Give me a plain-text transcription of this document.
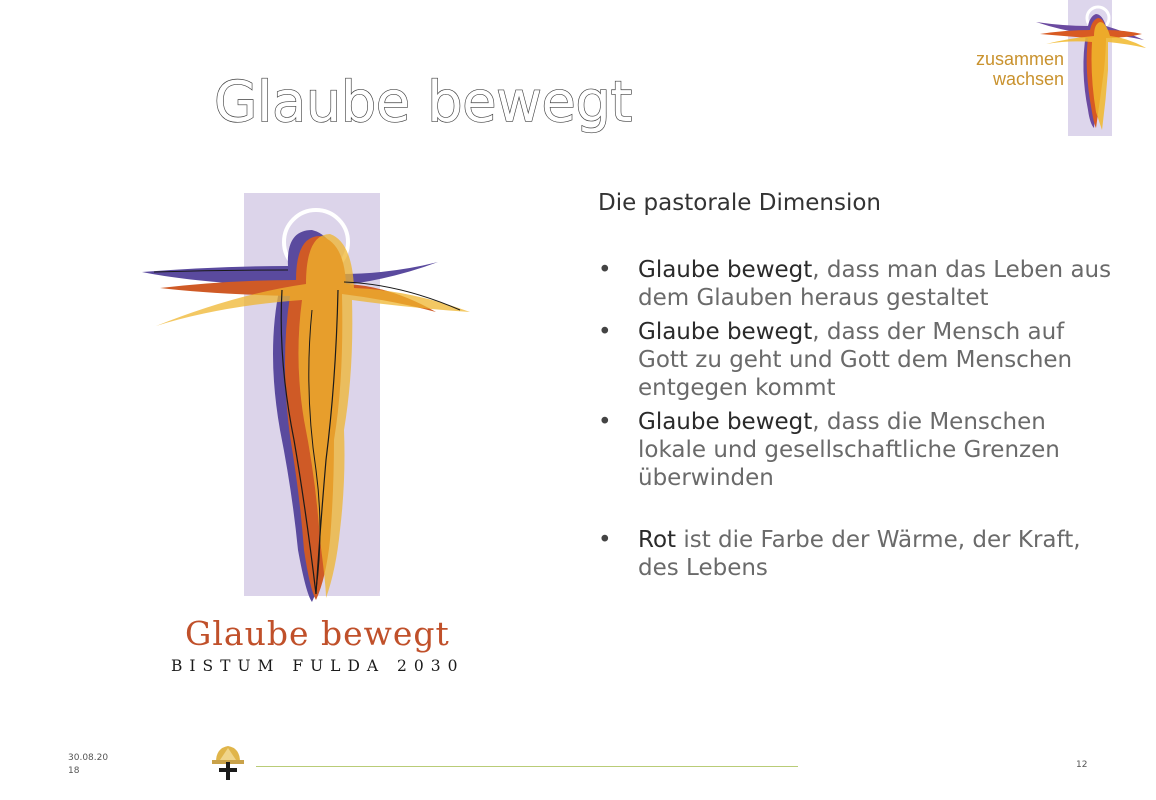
Glaube bewegt
zusammen
wachsen
Glaube bewegt
BISTUM FULDA 2030

Die pastorale Dimension

• Glaube bewegt, dass man das Leben aus dem Glauben heraus gestaltet
• Glaube bewegt, dass der Mensch auf Gott zu geht und Gott dem Menschen entgegen kommt
• Glaube bewegt, dass die Menschen lokale und gesellschaftliche Grenzen überwinden
• Rot ist die Farbe der Wärme, der Kraft, des Lebens
30.08.20 18
12
